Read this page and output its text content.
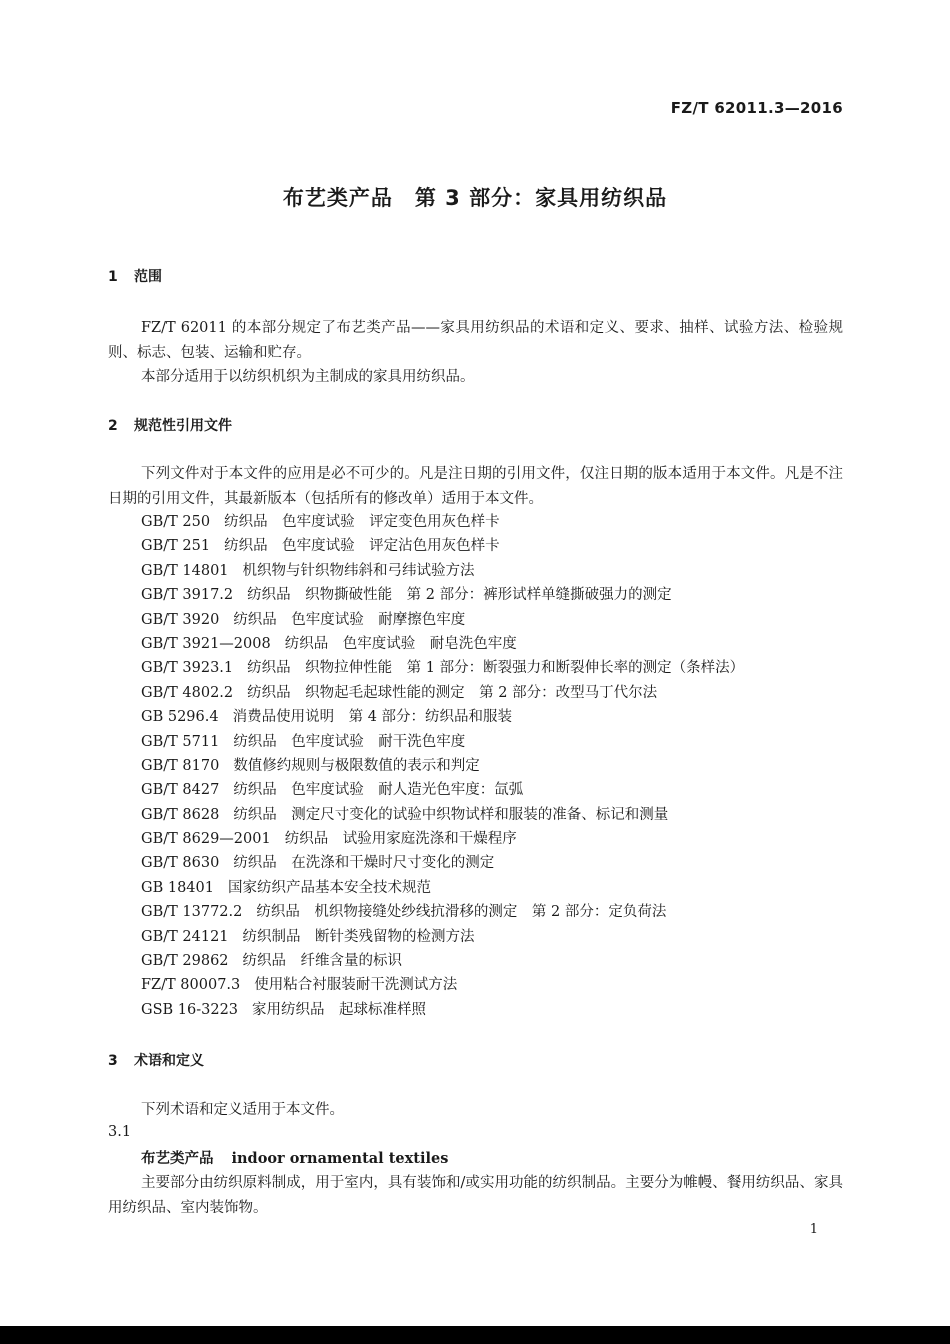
FZ/T 62011.3—2016
布艺类产品　第 3 部分：家具用纺织品
1 范围

FZ/T 62011 的本部分规定了布艺类产品——家具用纺织品的术语和定义、要求、抽样、试验方法、检验规则、标志、包装、运输和贮存。

本部分适用于以纺织机织为主制成的家具用纺织品。

2 规范性引用文件

下列文件对于本文件的应用是必不可少的。凡是注日期的引用文件，仅注日期的版本适用于本文件。凡是不注日期的引用文件，其最新版本（包括所有的修改单）适用于本文件。

GB/T 250 纺织品　色牢度试验　评定变色用灰色样卡
GB/T 251 纺织品　色牢度试验　评定沾色用灰色样卡
GB/T 14801 机织物与针织物纬斜和弓纬试验方法
GB/T 3917.2 纺织品　织物撕破性能　第 2 部分：裤形试样单缝撕破强力的测定
GB/T 3920 纺织品　色牢度试验　耐摩擦色牢度
GB/T 3921—2008 纺织品　色牢度试验　耐皂洗色牢度
GB/T 3923.1 纺织品　织物拉伸性能　第 1 部分：断裂强力和断裂伸长率的测定（条样法）
GB/T 4802.2 纺织品　织物起毛起球性能的测定　第 2 部分：改型马丁代尔法
GB 5296.4 消费品使用说明　第 4 部分：纺织品和服装
GB/T 5711 纺织品　色牢度试验　耐干洗色牢度
GB/T 8170 数值修约规则与极限数值的表示和判定
GB/T 8427 纺织品　色牢度试验　耐人造光色牢度：氙弧
GB/T 8628 纺织品　测定尺寸变化的试验中织物试样和服装的准备、标记和测量
GB/T 8629—2001 纺织品　试验用家庭洗涤和干燥程序
GB/T 8630 纺织品　在洗涤和干燥时尺寸变化的测定
GB 18401 国家纺织产品基本安全技术规范
GB/T 13772.2 纺织品　机织物接缝处纱线抗滑移的测定　第 2 部分：定负荷法
GB/T 24121 纺织制品　断针类残留物的检测方法
GB/T 29862 纺织品　纤维含量的标识
FZ/T 80007.3 使用粘合衬服装耐干洗测试方法
GSB 16-3223 家用纺织品　起球标准样照
3 术语和定义

下列术语和定义适用于本文件。

3.1
布艺类产品 indoor ornamental textiles

主要部分由纺织原料制成，用于室内，具有装饰和/或实用功能的纺织制品。主要分为帷幔、餐用纺织品、家具用纺织品、室内装饰物。

1
